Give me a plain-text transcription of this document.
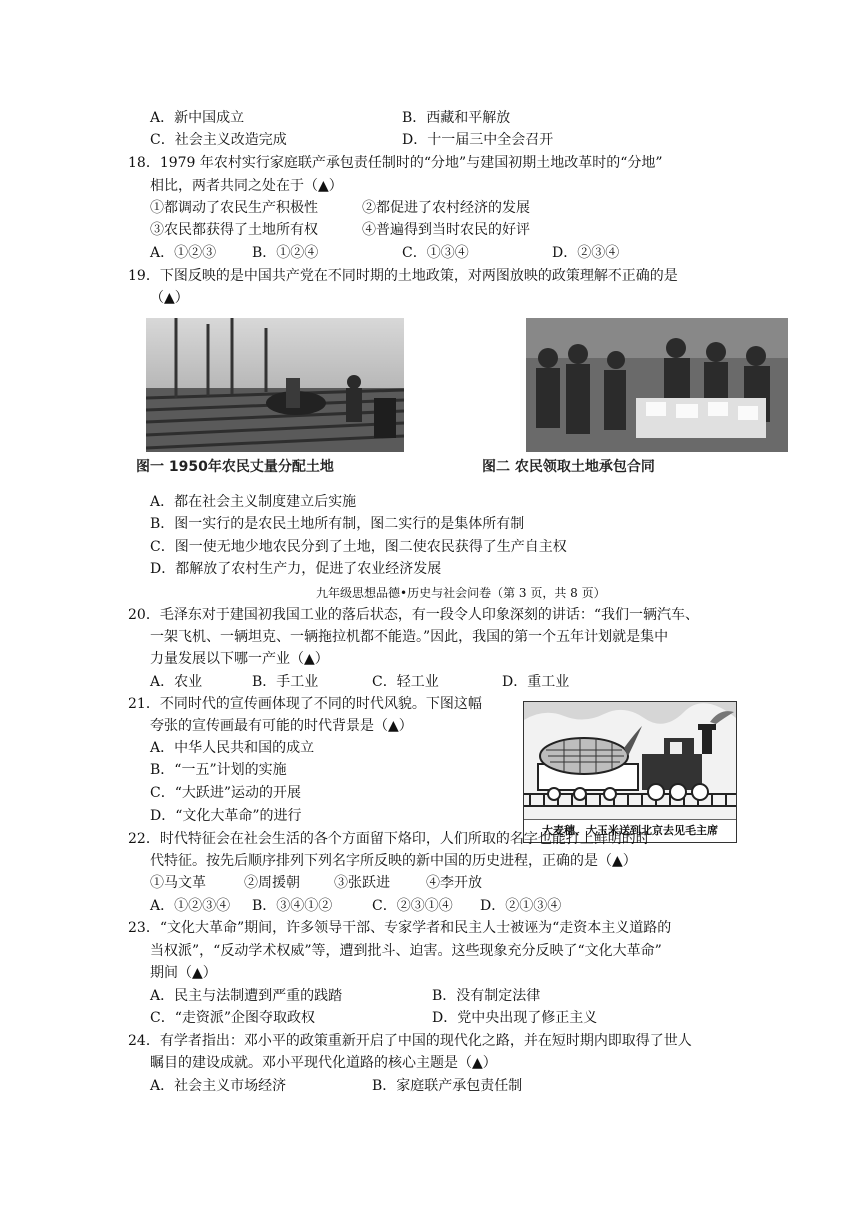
A．新中国成立	B．西藏和平解放
C．社会主义改造完成	D．十一届三中全会召开
18．1979 年农村实行家庭联产承包责任制时的“分地”与建国初期土地改革时的“分地”
相比，两者共同之处在于（▲）
①都调动了农民生产积极性	②都促进了农村经济的发展
③农民都获得了土地所有权	④普遍得到当时农民的好评
A．①②③	B．①②④	C．①③④	D．②③④
19．下图反映的是中国共产党在不同时期的土地政策，对两图放映的政策理解不正确的是
（▲）
图一 1950年农民丈量分配土地	图二 农民领取土地承包合同
A．都在社会主义制度建立后实施
B．图一实行的是农民土地所有制，图二实行的是集体所有制
C．图一使无地少地农民分到了土地，图二使农民获得了生产自主权
D．都解放了农村生产力，促进了农业经济发展
九年级思想品德•历史与社会问卷（第 3 页，共 8 页）
20．毛泽东对于建国初我国工业的落后状态，有一段令人印象深刻的讲话：“我们一辆汽车、
一架飞机、一辆坦克、一辆拖拉机都不能造。”因此，我国的第一个五年计划就是集中
力量发展以下哪一产业（▲）
A．农业	B．手工业	C．轻工业	D．重工业
21．不同时代的宣传画体现了不同的时代风貌。下图这幅
夸张的宣传画最有可能的时代背景是（▲）
A．中华人民共和国的成立
B．“一五”计划的实施
C．“大跃进”运动的开展
D．“文化大革命”的进行
大麦穗、大玉米送到北京去见毛主席
22．时代特征会在社会生活的各个方面留下烙印，人们所取的名字也能打上鲜明的时
代特征。按先后顺序排列下列名字所反映的新中国的历史进程，正确的是（▲）
①马文革	②周援朝 ③张跃进	④李开放
A．①②③④ B．③④①②	C．②③①④ D．②①③④
23．“文化大革命”期间，许多领导干部、专家学者和民主人士被诬为“走资本主义道路的
当权派”，“反动学术权威”等，遭到批斗、迫害。这些现象充分反映了“文化大革命”
期间（▲）
A．民主与法制遭到严重的践踏	B．没有制定法律
C．“走资派”企图夺取政权	D．党中央出现了修正主义
24．有学者指出：邓小平的政策重新开启了中国的现代化之路，并在短时期内即取得了世人
瞩目的建设成就。邓小平现代化道路的核心主题是（▲）
A．社会主义市场经济	B．家庭联产承包责任制
